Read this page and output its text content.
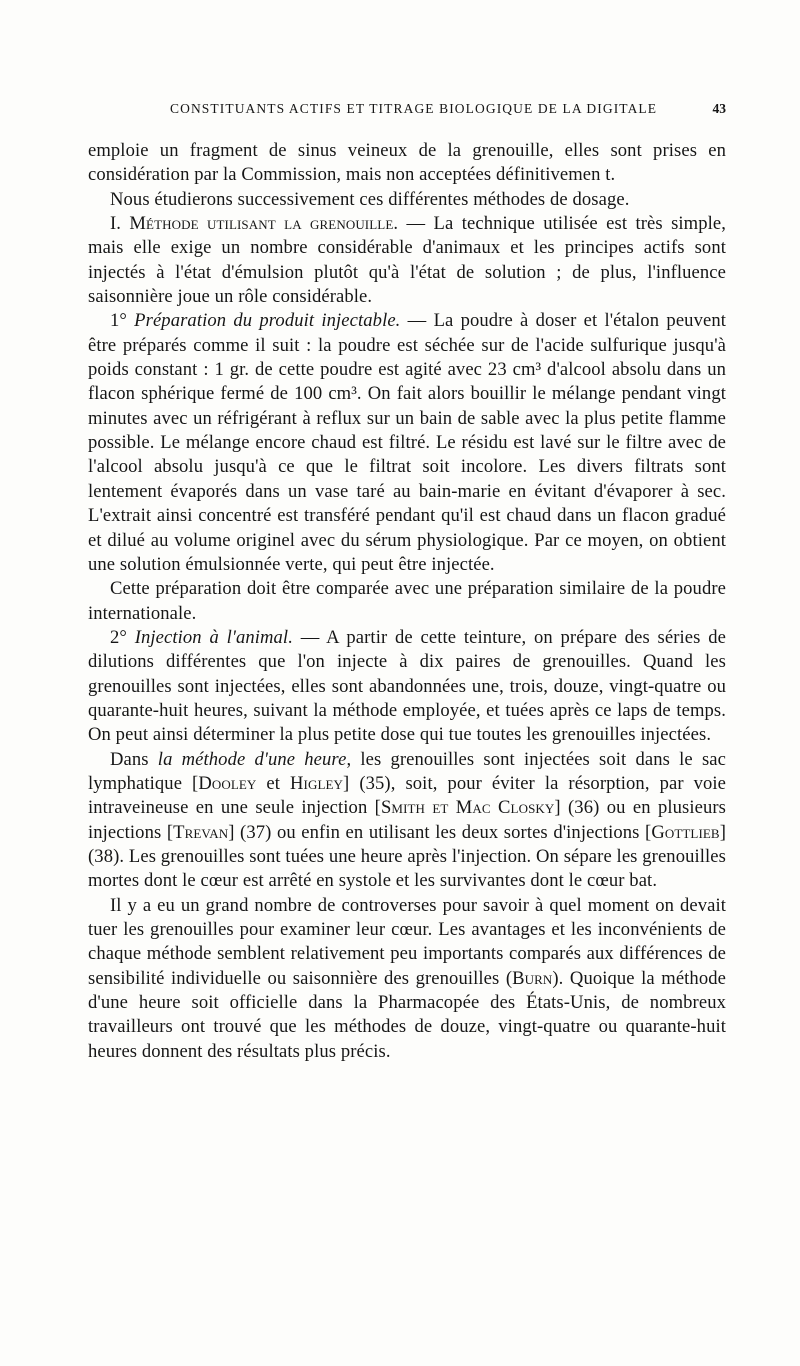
CONSTITUANTS ACTIFS ET TITRAGE BIOLOGIQUE DE LA DIGITALE	43

emploie un fragment de sinus veineux de la grenouille, elles sont prises en considération par la Commission, mais non acceptées définitivemen t.

Nous étudierons successivement ces différentes méthodes de dosage.

I. Méthode utilisant la grenouille. — La technique utilisée est très simple, mais elle exige un nombre considérable d'animaux et les principes actifs sont injectés à l'état d'émulsion plutôt qu'à l'état de solution ; de plus, l'influence saisonnière joue un rôle considérable.

1° Préparation du produit injectable. — La poudre à doser et l'étalon peuvent être préparés comme il suit : la poudre est séchée sur de l'acide sulfurique jusqu'à poids constant : 1 gr. de cette poudre est agité avec 23 cm³ d'alcool absolu dans un flacon sphérique fermé de 100 cm³. On fait alors bouillir le mélange pendant vingt minutes avec un réfrigérant à reflux sur un bain de sable avec la plus petite flamme possible. Le mélange encore chaud est filtré. Le résidu est lavé sur le filtre avec de l'alcool absolu jusqu'à ce que le filtrat soit incolore. Les divers filtrats sont lentement évaporés dans un vase taré au bain-marie en évitant d'évaporer à sec. L'extrait ainsi concentré est transféré pendant qu'il est chaud dans un flacon gradué et dilué au volume originel avec du sérum physiologique. Par ce moyen, on obtient une solution émulsionnée verte, qui peut être injectée.

Cette préparation doit être comparée avec une préparation similaire de la poudre internationale.

2° Injection à l'animal. — A partir de cette teinture, on prépare des séries de dilutions différentes que l'on injecte à dix paires de grenouilles. Quand les grenouilles sont injectées, elles sont abandonnées une, trois, douze, vingt-quatre ou quarante-huit heures, suivant la méthode employée, et tuées après ce laps de temps. On peut ainsi déterminer la plus petite dose qui tue toutes les grenouilles injectées.

Dans la méthode d'une heure, les grenouilles sont injectées soit dans le sac lymphatique [Dooley et Higley] (35), soit, pour éviter la résorption, par voie intraveineuse en une seule injection [Smith et Mac Closky] (36) ou en plusieurs injections [Trevan] (37) ou enfin en utilisant les deux sortes d'injections [Gottlieb] (38). Les grenouilles sont tuées une heure après l'injection. On sépare les grenouilles mortes dont le cœur est arrêté en systole et les survivantes dont le cœur bat.

Il y a eu un grand nombre de controverses pour savoir à quel moment on devait tuer les grenouilles pour examiner leur cœur. Les avantages et les inconvénients de chaque méthode semblent relativement peu importants comparés aux différences de sensibilité individuelle ou saisonnière des grenouilles (Burn). Quoique la méthode d'une heure soit officielle dans la Pharmacopée des États-Unis, de nombreux travailleurs ont trouvé que les méthodes de douze, vingt-quatre ou quarante-huit heures donnent des résultats plus précis.
